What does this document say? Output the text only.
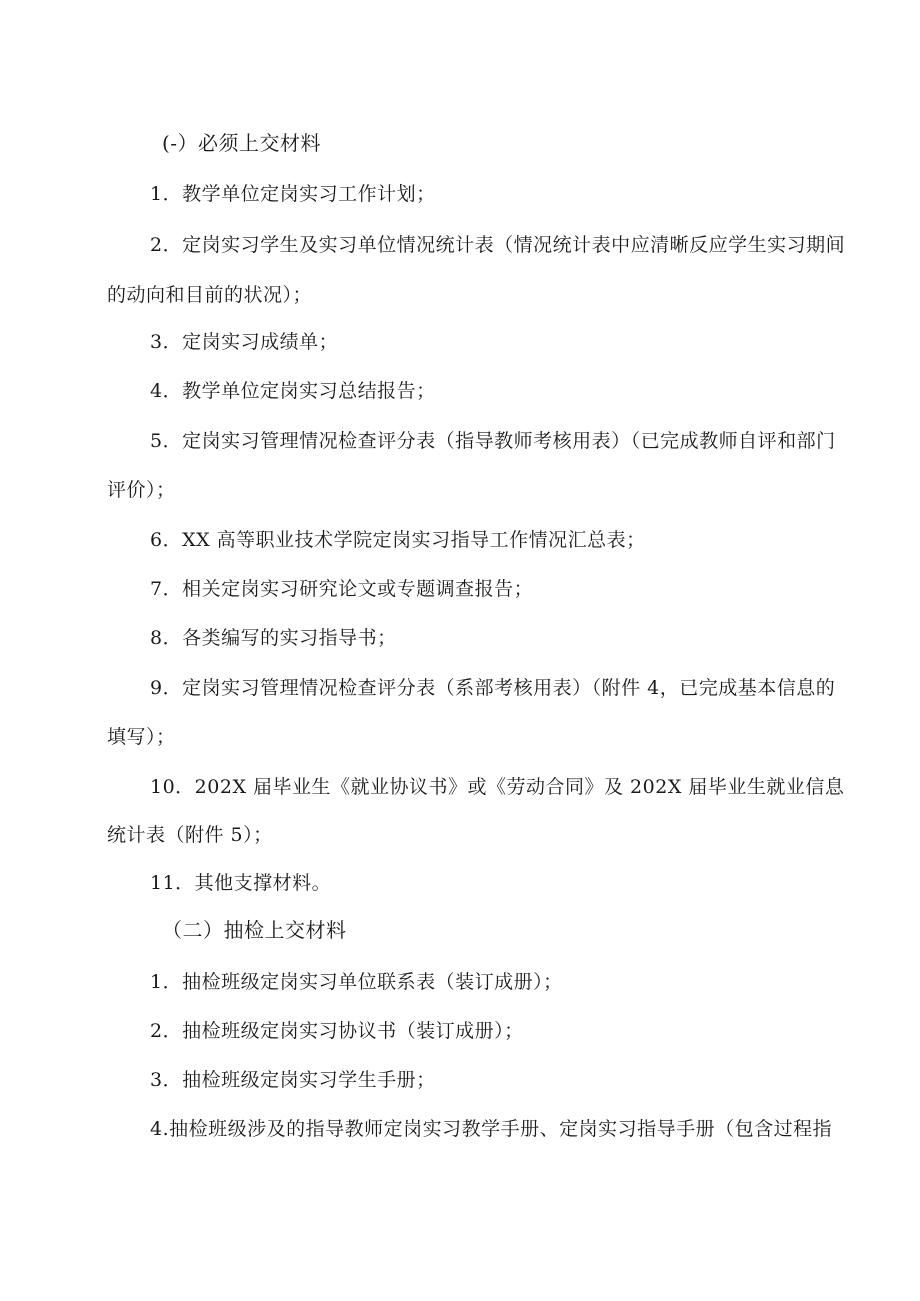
(-）必须上交材料
1．教学单位定岗实习工作计划；
2．定岗实习学生及实习单位情况统计表（情况统计表中应清晰反应学生实习期间
的动向和目前的状况）；
3．定岗实习成绩单；
4．教学单位定岗实习总结报告；
5．定岗实习管理情况检查评分表（指导教师考核用表）（已完成教师自评和部门
评价）；
6．XX 高等职业技术学院定岗实习指导工作情况汇总表；
7．相关定岗实习研究论文或专题调查报告；
8．各类编写的实习指导书；
9．定岗实习管理情况检查评分表（系部考核用表）（附件 4，已完成基本信息的
填写）；
10．202X 届毕业生《就业协议书》或《劳动合同》及 202X 届毕业生就业信息
统计表（附件 5）；
11．其他支撑材料。
（二）抽检上交材料
1．抽检班级定岗实习单位联系表（装订成册）；
2．抽检班级定岗实习协议书（装订成册）；
3．抽检班级定岗实习学生手册；
4.抽检班级涉及的指导教师定岗实习教学手册、定岗实习指导手册（包含过程指
